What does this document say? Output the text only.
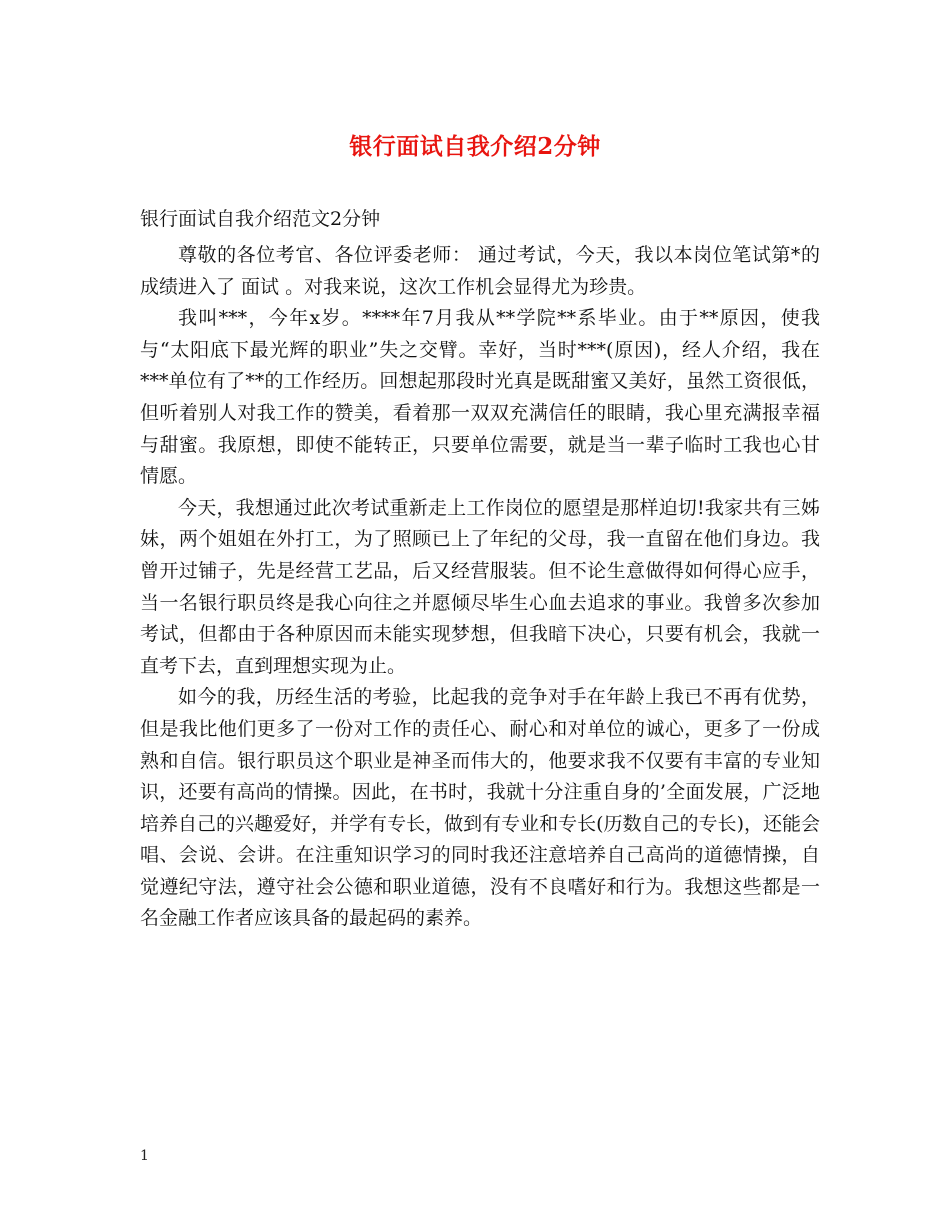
银行面试自我介绍2分钟
银行面试自我介绍范文2分钟

尊敬的各位考官、各位评委老师： 通过考试，今天，我以本岗位笔试第*的成绩进入了 面试 。对我来说，这次工作机会显得尤为珍贵。

我叫***，今年x岁。****年7月我从**学院**系毕业。由于**原因，使我与“太阳底下最光辉的职业”失之交臂。幸好，当时***(原因)，经人介绍，我在***单位有了**的工作经历。回想起那段时光真是既甜蜜又美好，虽然工资很低，但听着别人对我工作的赞美，看着那一双双充满信任的眼睛，我心里充满报幸福与甜蜜。我原想，即使不能转正，只要单位需要，就是当一辈子临时工我也心甘情愿。

今天，我想通过此次考试重新走上工作岗位的愿望是那样迫切!我家共有三姊妹，两个姐姐在外打工，为了照顾已上了年纪的父母，我一直留在他们身边。我曾开过铺子，先是经营工艺品，后又经营服装。但不论生意做得如何得心应手，当一名银行职员终是我心向往之并愿倾尽毕生心血去追求的事业。我曾多次参加考试，但都由于各种原因而未能实现梦想，但我暗下决心，只要有机会，我就一直考下去，直到理想实现为止。

如今的我，历经生活的考验，比起我的竞争对手在年龄上我已不再有优势，但是我比他们更多了一份对工作的责任心、耐心和对单位的诚心，更多了一份成熟和自信。银行职员这个职业是神圣而伟大的，他要求我不仅要有丰富的专业知识，还要有高尚的情操。因此，在书时，我就十分注重自身的’全面发展，广泛地培养自己的兴趣爱好，并学有专长，做到有专业和专长(历数自己的专长)，还能会唱、会说、会讲。在注重知识学习的同时我还注意培养自己高尚的道德情操，自觉遵纪守法，遵守社会公德和职业道德，没有不良嗜好和行为。我想这些都是一名金融工作者应该具备的最起码的素养。

1
